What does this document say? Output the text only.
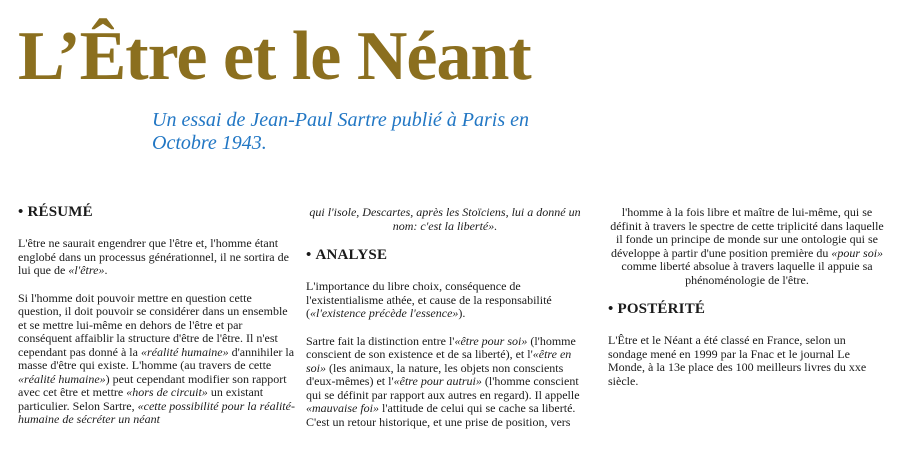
L’Être et le Néant
Un essai de Jean-Paul Sartre publié à Paris en Octobre 1943.
• RÉSUMÉ

L'être ne saurait engendrer que l'être et, l'homme étant englobé dans un processus générationnel, il ne sortira de lui que de «l'être».

Si l'homme doit pouvoir mettre en question cette question, il doit pouvoir se considérer dans un ensemble et se mettre lui-même en dehors de l'être et par conséquent affaiblir la structure d'être de l'être. Il n'est cependant pas donné à la «réalité humaine» d'annihiler la masse d'être qui existe. L'homme (au travers de cette «réalité humaine») peut cependant modifier son rapport avec cet être et mettre «hors de circuit» un existant particulier. Selon Sartre, «cette possibilité pour la réalité-humaine de sécréter un néant

qui l'isole, Descartes, après les Stoïciens, lui a donné un nom: c'est la liberté».

• ANALYSE

L'importance du libre choix, conséquence de l'existentialisme athée, et cause de la responsabilité («l'existence précède l'essence»).

Sartre fait la distinction entre l'«être pour soi» (l'homme conscient de son existence et de sa liberté), et l'«être en soi» (les animaux, la nature, les objets non conscients d'eux-mêmes) et l'«être pour autrui» (l'homme conscient qui se définit par rapport aux autres en regard). Il appelle «mauvaise foi» l'attitude de celui qui se cache sa liberté. C'est un retour historique, et une prise de position, vers

l'homme à la fois libre et maître de lui-même, qui se définit à travers le spectre de cette triplicité dans laquelle il fonde un principe de monde sur une ontologie qui se développe à partir d'une position première du «pour soi» comme liberté absolue à travers laquelle il appuie sa phénoménologie de l'être.

• POSTÉRITÉ

L'Être et le Néant a été classé en France, selon un sondage mené en 1999 par la Fnac et le journal Le Monde, à la 13e place des 100 meilleurs livres du xxe siècle.
